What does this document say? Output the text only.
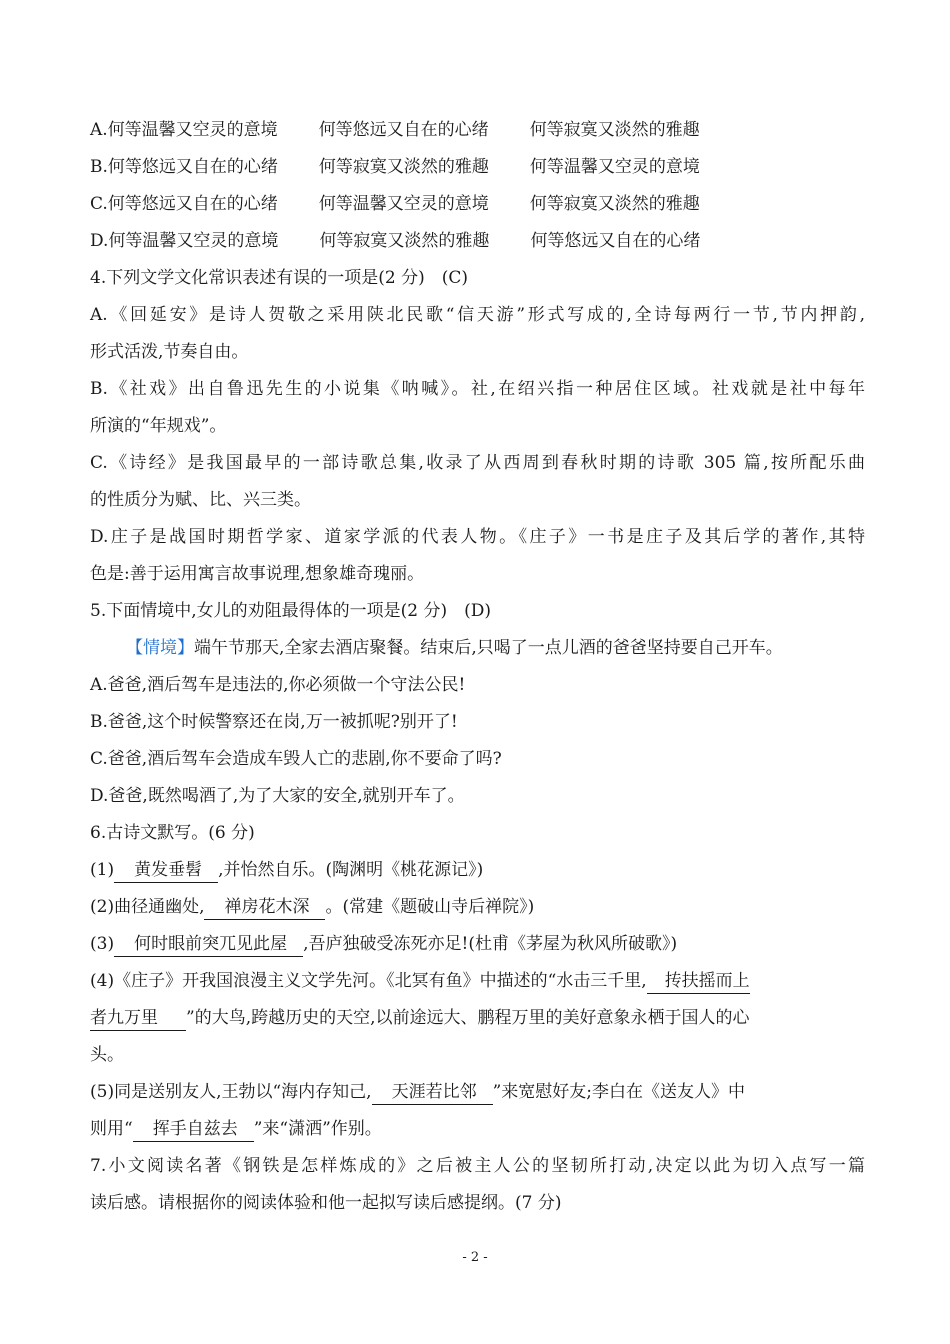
A. 何等温馨又空灵的意境	何等悠远又自在的心绪	何等寂寞又淡然的雅趣
B. 何等悠远又自在的心绪	何等寂寞又淡然的雅趣	何等温馨又空灵的意境
C. 何等悠远又自在的心绪	何等温馨又空灵的意境	何等寂寞又淡然的雅趣
D. 何等温馨又空灵的意境	何等寂寞又淡然的雅趣	何等悠远又自在的心绪
4.下列文学文化常识表述有误的一项是(2 分)　(C)
A.《回延安》是诗人贺敬之采用陕北民歌“信天游”形式写成的,全诗每两行一节,节内押韵,
形式活泼,节奏自由。
B.《社戏》出自鲁迅先生的小说集《呐喊》。社,在绍兴指一种居住区域。社戏就是社中每年
所演的“年规戏”。
C.《诗经》是我国最早的一部诗歌总集,收录了从西周到春秋时期的诗歌 305 篇,按所配乐曲
的性质分为赋、比、兴三类。
D.庄子是战国时期哲学家、道家学派的代表人物。《庄子》一书是庄子及其后学的著作,其特
色是:善于运用寓言故事说理,想象雄奇瑰丽。
5.下面情境中,女儿的劝阻最得体的一项是(2 分)　(D)
【情境】端午节那天,全家去酒店聚餐。结束后,只喝了一点儿酒的爸爸坚持要自己开车。
A.爸爸,酒后驾车是违法的,你必须做一个守法公民!
B.爸爸,这个时候警察还在岗,万一被抓呢?别开了!
C.爸爸,酒后驾车会造成车毁人亡的悲剧,你不要命了吗?
D.爸爸,既然喝酒了,为了大家的安全,就别开车了。
6.古诗文默写。(6 分)
(1) 黄发垂髫 ,并怡然自乐。(陶渊明《桃花源记》)
(2)曲径通幽处, 禅房花木深 。(常建《题破山寺后禅院》)
(3) 何时眼前突兀见此屋 ,吾庐独破受冻死亦足!(杜甫《茅屋为秋风所破歌》)
(4)《庄子》开我国浪漫主义文学先河。《北冥有鱼》中描述的“水击三千里, 抟扶摇而上
者九万里 ”的大鸟,跨越历史的天空,以前途远大、鹏程万里的美好意象永栖于国人的心
头。
(5)同是送别友人,王勃以“海内存知己, 天涯若比邻 ”来宽慰好友;李白在《送友人》中
则用“ 挥手自兹去 ”来“潇洒”作别。
7.小文阅读名著《钢铁是怎样炼成的》之后被主人公的坚韧所打动,决定以此为切入点写一篇
读后感。请根据你的阅读体验和他一起拟写读后感提纲。(7 分)
- 2 -
